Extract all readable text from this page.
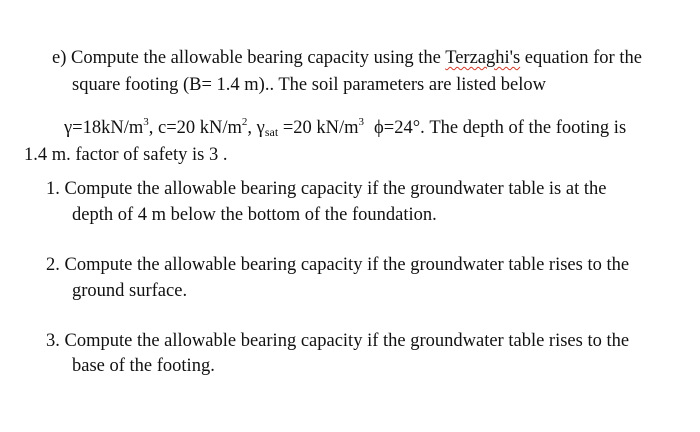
e) Compute the allowable bearing capacity using the Terzaghi's equation for the
square footing (B= 1.4 m).. The soil parameters are listed below
$\gamma=18kN/m^3$, c=20 $kN/m^2$, γsat =20 $kN/m^3$ ϕ=24°. The depth of the footing is
1.4 m. factor of safety is 3 .
1. Compute the allowable bearing capacity if the groundwater table is at the
depth of 4 m below the bottom of the foundation.
2. Compute the allowable bearing capacity if the groundwater table rises to the
ground surface.
3. Compute the allowable bearing capacity if the groundwater table rises to the
base of the footing.
